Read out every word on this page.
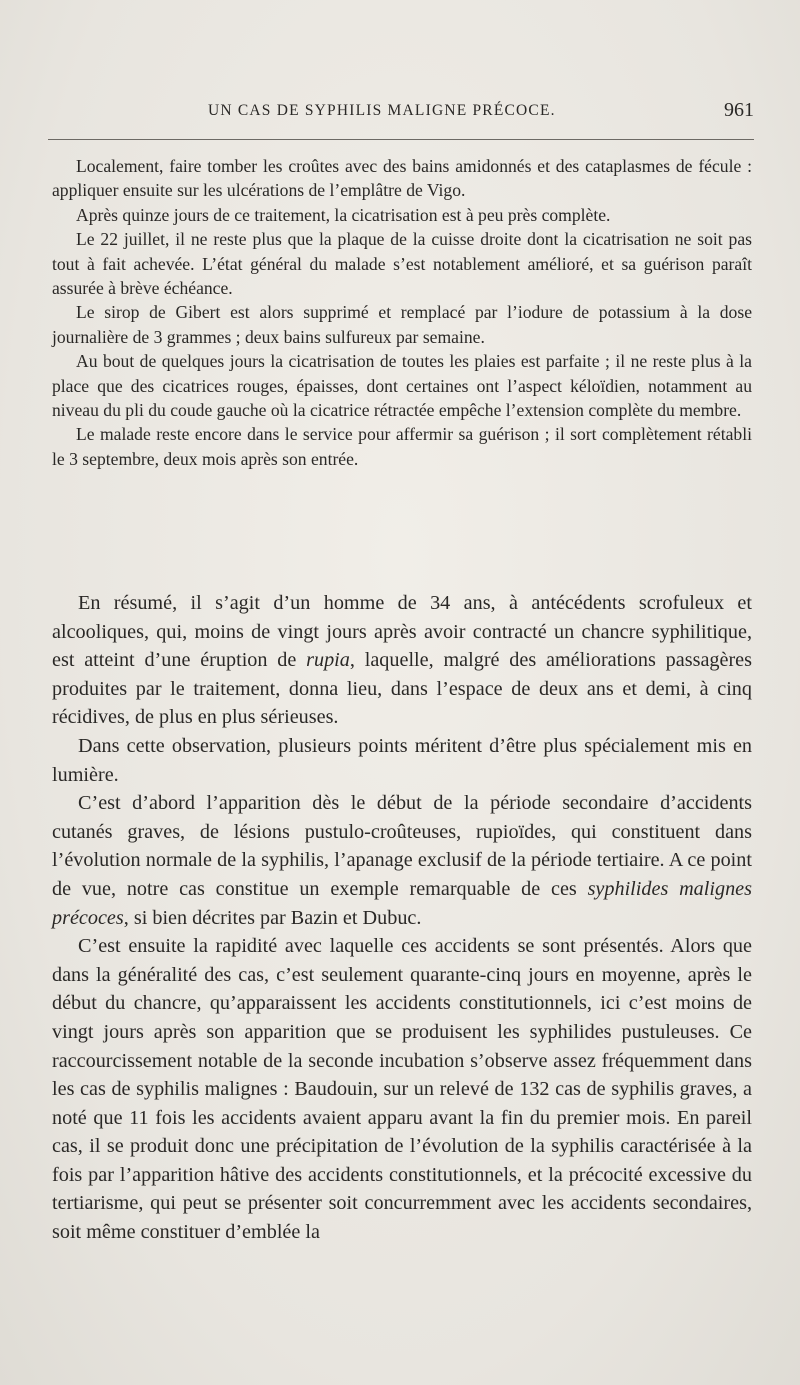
UN CAS DE SYPHILIS MALIGNE PRÉCOCE.	961

Localement, faire tomber les croûtes avec des bains amidonnés et des cataplasmes de fécule : appliquer ensuite sur les ulcérations de l’emplâtre de Vigo.

Après quinze jours de ce traitement, la cicatrisation est à peu près complète.

Le 22 juillet, il ne reste plus que la plaque de la cuisse droite dont la cicatrisation ne soit pas tout à fait achevée. L’état général du malade s’est notablement amélioré, et sa guérison paraît assurée à brève échéance.

Le sirop de Gibert est alors supprimé et remplacé par l’iodure de potassium à la dose journalière de 3 grammes ; deux bains sulfureux par semaine.

Au bout de quelques jours la cicatrisation de toutes les plaies est parfaite ; il ne reste plus à la place que des cicatrices rouges, épaisses, dont certaines ont l’aspect kéloïdien, notamment au niveau du pli du coude gauche où la cicatrice rétractée empêche l’extension complète du membre.

Le malade reste encore dans le service pour affermir sa guérison ; il sort complètement rétabli le 3 septembre, deux mois après son entrée.

En résumé, il s’agit d’un homme de 34 ans, à antécédents scrofuleux et alcooliques, qui, moins de vingt jours après avoir contracté un chancre syphilitique, est atteint d’une éruption de rupia, laquelle, malgré des améliorations passagères produites par le traitement, donna lieu, dans l’espace de deux ans et demi, à cinq récidives, de plus en plus sérieuses.

Dans cette observation, plusieurs points méritent d’être plus spécialement mis en lumière.

C’est d’abord l’apparition dès le début de la période secondaire d’accidents cutanés graves, de lésions pustulo-croûteuses, rupioïdes, qui constituent dans l’évolution normale de la syphilis, l’apanage exclusif de la période tertiaire. A ce point de vue, notre cas constitue un exemple remarquable de ces syphilides malignes précoces, si bien décrites par Bazin et Dubuc.

C’est ensuite la rapidité avec laquelle ces accidents se sont présentés. Alors que dans la généralité des cas, c’est seulement quarante-cinq jours en moyenne, après le début du chancre, qu’apparaissent les accidents constitutionnels, ici c’est moins de vingt jours après son apparition que se produisent les syphilides pustuleuses. Ce raccourcissement notable de la seconde incubation s’observe assez fréquemment dans les cas de syphilis malignes : Baudouin, sur un relevé de 132 cas de syphilis graves, a noté que 11 fois les accidents avaient apparu avant la fin du premier mois. En pareil cas, il se produit donc une précipitation de l’évolution de la syphilis caractérisée à la fois par l’apparition hâtive des accidents constitutionnels, et la précocité excessive du tertiarisme, qui peut se présenter soit concurremment avec les accidents secondaires, soit même constituer d’emblée la
